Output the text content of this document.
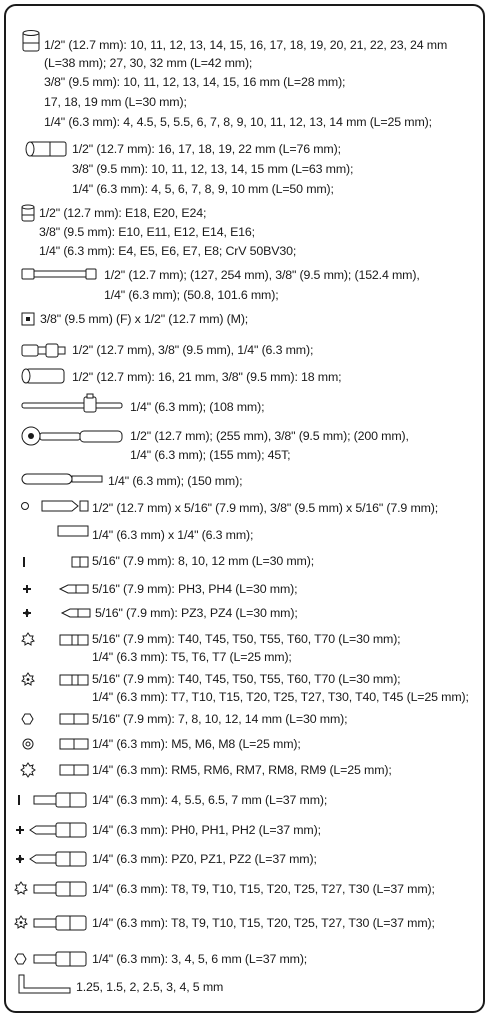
1/2" (12.7 mm): 10, 11, 12, 13, 14, 15, 16, 17, 18, 19, 20, 21, 22, 23, 24 mm
(L=38 mm); 27, 30, 32 mm (L=42 mm);
3/8" (9.5 mm): 10, 11, 12, 13, 14, 15, 16 mm (L=28 mm);
17, 18, 19 mm (L=30 mm);
1/4" (6.3 mm): 4, 4.5, 5, 5.5, 6, 7, 8, 9, 10, 11, 12, 13, 14 mm (L=25 mm);
1/2" (12.7 mm): 16, 17, 18, 19, 22 mm (L=76 mm);
3/8" (9.5 mm): 10, 11, 12, 13, 14, 15 mm (L=63 mm);
1/4" (6.3 mm): 4, 5, 6, 7, 8, 9, 10 mm (L=50 mm);
1/2" (12.7 mm): E18, E20, E24;
3/8" (9.5 mm): E10, E11, E12, E14, E16;
1/4" (6.3 mm): E4, E5, E6, E7, E8; CrV 50BV30;
1/2" (12.7 mm); (127, 254 mm), 3/8" (9.5 mm); (152.4 mm),
1/4" (6.3 mm); (50.8, 101.6 mm);
3/8" (9.5 mm) (F) x 1/2" (12.7 mm) (M);
1/2" (12.7 mm), 3/8" (9.5 mm), 1/4" (6.3 mm);
1/2" (12.7 mm): 16, 21 mm, 3/8" (9.5 mm): 18 mm;
1/4" (6.3 mm); (108 mm);
1/2" (12.7 mm); (255 mm), 3/8" (9.5 mm); (200 mm),
1/4" (6.3 mm); (155 mm); 45T;
1/4" (6.3 mm); (150 mm);
1/2" (12.7 mm) x 5/16" (7.9 mm), 3/8" (9.5 mm) x 5/16" (7.9 mm);
1/4" (6.3 mm) x 1/4" (6.3 mm);
5/16" (7.9 mm): 8, 10, 12 mm (L=30 mm);
5/16" (7.9 mm): PH3, PH4 (L=30 mm);
5/16" (7.9 mm): PZ3, PZ4 (L=30 mm);
5/16" (7.9 mm): T40, T45, T50, T55, T60, T70 (L=30 mm);
1/4" (6.3 mm): T5, T6, T7 (L=25 mm);
5/16" (7.9 mm): T40, T45, T50, T55, T60, T70 (L=30 mm);
1/4" (6.3 mm): T7, T10, T15, T20, T25, T27, T30, T40, T45 (L=25 mm);
5/16" (7.9 mm): 7, 8, 10, 12, 14 mm (L=30 mm);
1/4" (6.3 mm): M5, M6, M8 (L=25 mm);
1/4" (6.3 mm): RM5, RM6, RM7, RM8, RM9 (L=25 mm);
1/4" (6.3 mm): 4, 5.5, 6.5, 7 mm (L=37 mm);
1/4" (6.3 mm): PH0, PH1, PH2 (L=37 mm);
1/4" (6.3 mm): PZ0, PZ1, PZ2 (L=37 mm);
1/4" (6.3 mm): T8, T9, T10, T15, T20, T25, T27, T30 (L=37 mm);
1/4" (6.3 mm): T8, T9, T10, T15, T20, T25, T27, T30 (L=37 mm);
1/4" (6.3 mm): 3, 4, 5, 6 mm (L=37 mm);
1.25, 1.5, 2, 2.5, 3, 4, 5 mm
